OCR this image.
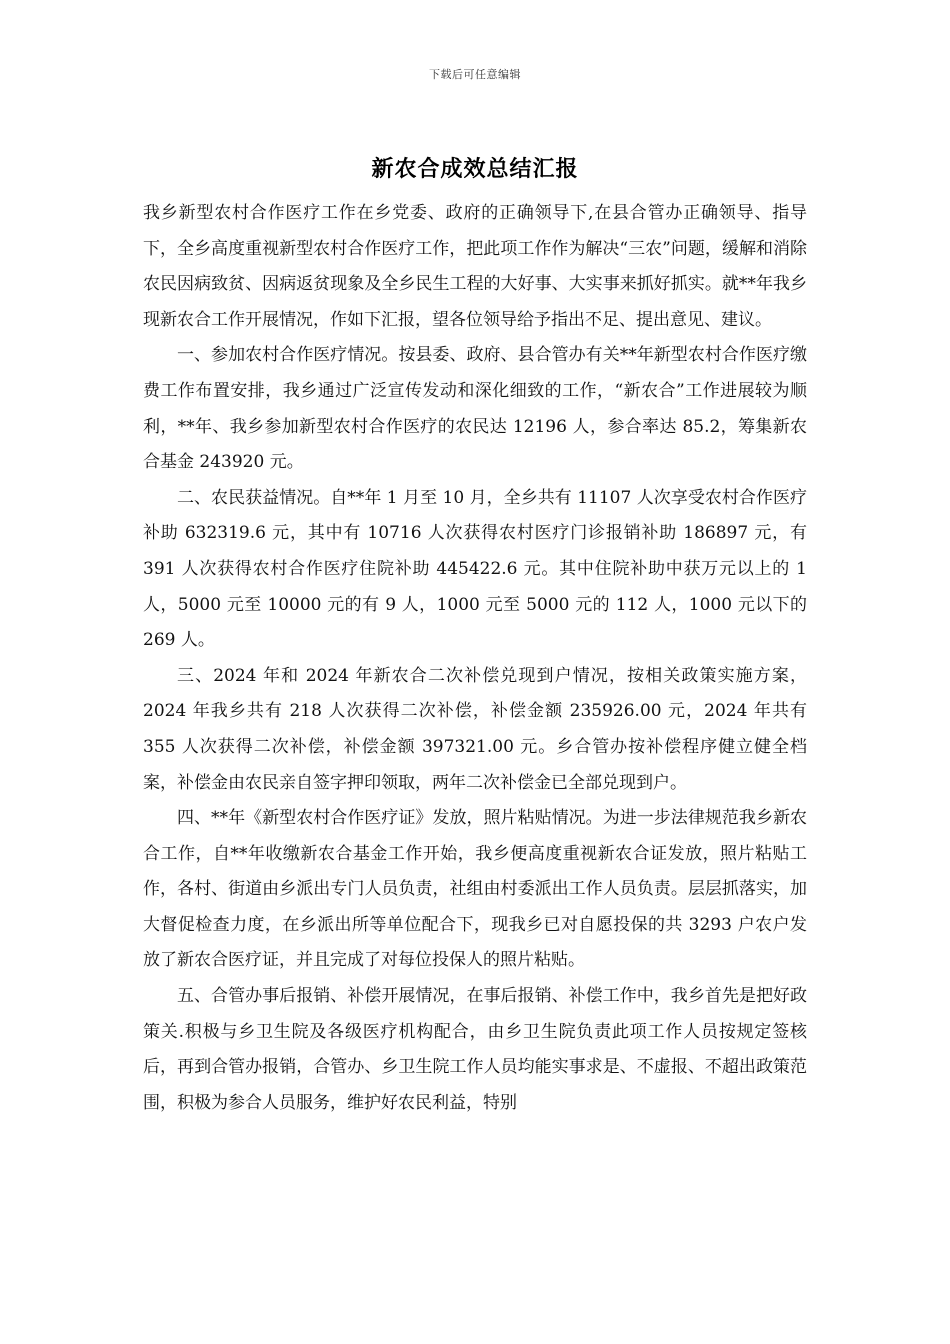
下载后可任意编辑
新农合成效总结汇报

我乡新型农村合作医疗工作在乡党委、政府的正确领导下,在县合管办正确领导、指导下，全乡高度重视新型农村合作医疗工作，把此项工作作为解决“三农”问题，缓解和消除农民因病致贫、因病返贫现象及全乡民生工程的大好事、大实事来抓好抓实。就**年我乡现新农合工作开展情况，作如下汇报，望各位领导给予指出不足、提出意见、建议。

一、参加农村合作医疗情况。按县委、政府、县合管办有关**年新型农村合作医疗缴费工作布置安排，我乡通过广泛宣传发动和深化细致的工作，“新农合”工作进展较为顺利，**年、我乡参加新型农村合作医疗的农民达 12196 人，参合率达 85.2，筹集新农合基金 243920 元。

二、农民获益情况。自**年 1 月至 10 月，全乡共有 11107 人次享受农村合作医疗补助 632319.6 元，其中有 10716 人次获得农村医疗门诊报销补助 186897 元，有 391 人次获得农村合作医疗住院补助 445422.6 元。其中住院补助中获万元以上的 1 人，5000 元至 10000 元的有 9 人，1000 元至 5000 元的 112 人，1000 元以下的 269 人。

三、2024 年和 2024 年新农合二次补偿兑现到户情况，按相关政策实施方案，2024 年我乡共有 218 人次获得二次补偿，补偿金额 235926.00 元，2024 年共有 355 人次获得二次补偿，补偿金额 397321.00 元。乡合管办按补偿程序健立健全档案，补偿金由农民亲自签字押印领取，两年二次补偿金已全部兑现到户。

四、**年《新型农村合作医疗证》发放，照片粘贴情况。为进一步法律规范我乡新农合工作，自**年收缴新农合基金工作开始，我乡便高度重视新农合证发放，照片粘贴工作，各村、街道由乡派出专门人员负责，社组由村委派出工作人员负责。层层抓落实，加大督促检查力度，在乡派出所等单位配合下，现我乡已对自愿投保的共 3293 户农户发放了新农合医疗证，并且完成了对每位投保人的照片粘贴。

五、合管办事后报销、补偿开展情况，在事后报销、补偿工作中，我乡首先是把好政策关.积极与乡卫生院及各级医疗机构配合，由乡卫生院负责此项工作人员按规定签核后，再到合管办报销，合管办、乡卫生院工作人员均能实事求是、不虚报、不超出政策范围，积极为参合人员服务，维护好农民利益，特别
